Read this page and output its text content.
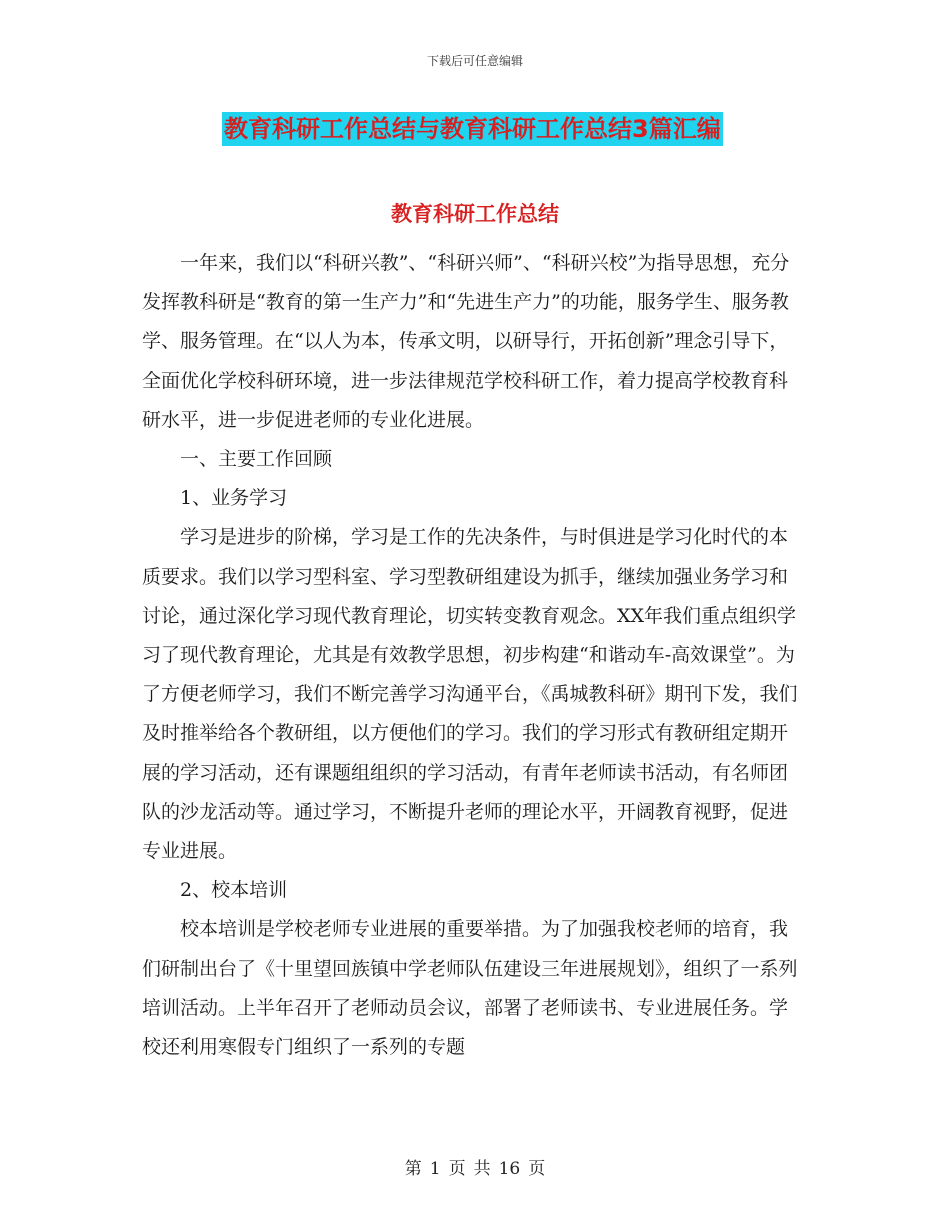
下载后可任意编辑
教育科研工作总结与教育科研工作总结3篇汇编
教育科研工作总结

一年来，我们以“科研兴教”、“科研兴师”、“科研兴校”为指导思想，充分发挥教科研是“教育的第一生产力”和“先进生产力”的功能，服务学生、服务教学、服务管理。在“以人为本，传承文明，以研导行，开拓创新”理念引导下，全面优化学校科研环境，进一步法律规范学校科研工作，着力提高学校教育科研水平，进一步促进老师的专业化进展。

一、主要工作回顾

1、业务学习

学习是进步的阶梯，学习是工作的先决条件，与时俱进是学习化时代的本质要求。我们以学习型科室、学习型教研组建设为抓手，继续加强业务学习和讨论，通过深化学习现代教育理论，切实转变教育观念。XX年我们重点组织学习了现代教育理论，尤其是有效教学思想，初步构建“和谐动车-高效课堂”。为了方便老师学习，我们不断完善学习沟通平台，《禹城教科研》期刊下发，我们及时推举给各个教研组，以方便他们的学习。我们的学习形式有教研组定期开展的学习活动，还有课题组组织的学习活动，有青年老师读书活动，有名师团队的沙龙活动等。通过学习，不断提升老师的理论水平，开阔教育视野，促进专业进展。

2、校本培训

校本培训是学校老师专业进展的重要举措。为了加强我校老师的培育，我们研制出台了《十里望回族镇中学老师队伍建设三年进展规划》，组织了一系列培训活动。上半年召开了老师动员会议，部署了老师读书、专业进展任务。学校还利用寒假专门组织了一系列的专题

第 1 页 共 16 页
